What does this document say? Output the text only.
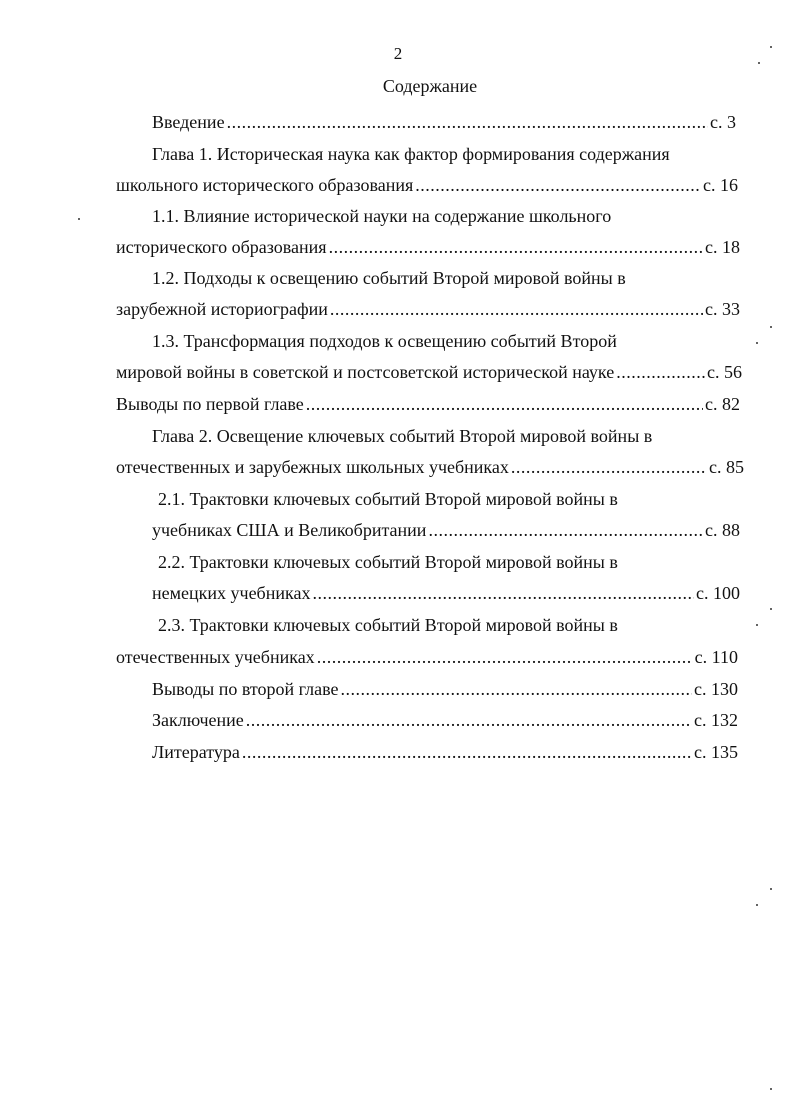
2
Содержание
Введение .....	с. 3
Глава 1. Историческая наука как фактор формирования содержания
школьного исторического образования .....	с. 16
1.1. Влияние исторической науки на содержание школьного
исторического образования .....	с. 18
1.2. Подходы к освещению событий Второй мировой войны в
зарубежной историографии .....	с. 33
1.3. Трансформация подходов к освещению событий Второй
мировой войны в советской и постсоветской исторической науке .....	с. 56
Выводы по первой главе .....	с. 82
Глава 2. Освещение ключевых событий Второй мировой войны в
отечественных и зарубежных школьных учебниках .....	с. 85
2.1. Трактовки ключевых событий Второй мировой войны в
учебниках США и Великобритании .....	с. 88
2.2. Трактовки ключевых событий Второй мировой войны в
немецких учебниках .....	с. 100
2.3. Трактовки ключевых событий Второй мировой войны в
отечественных учебниках .....	с. 110
Выводы по второй главе .....	с. 130
Заключение .....	с. 132
Литература .....	с. 135
